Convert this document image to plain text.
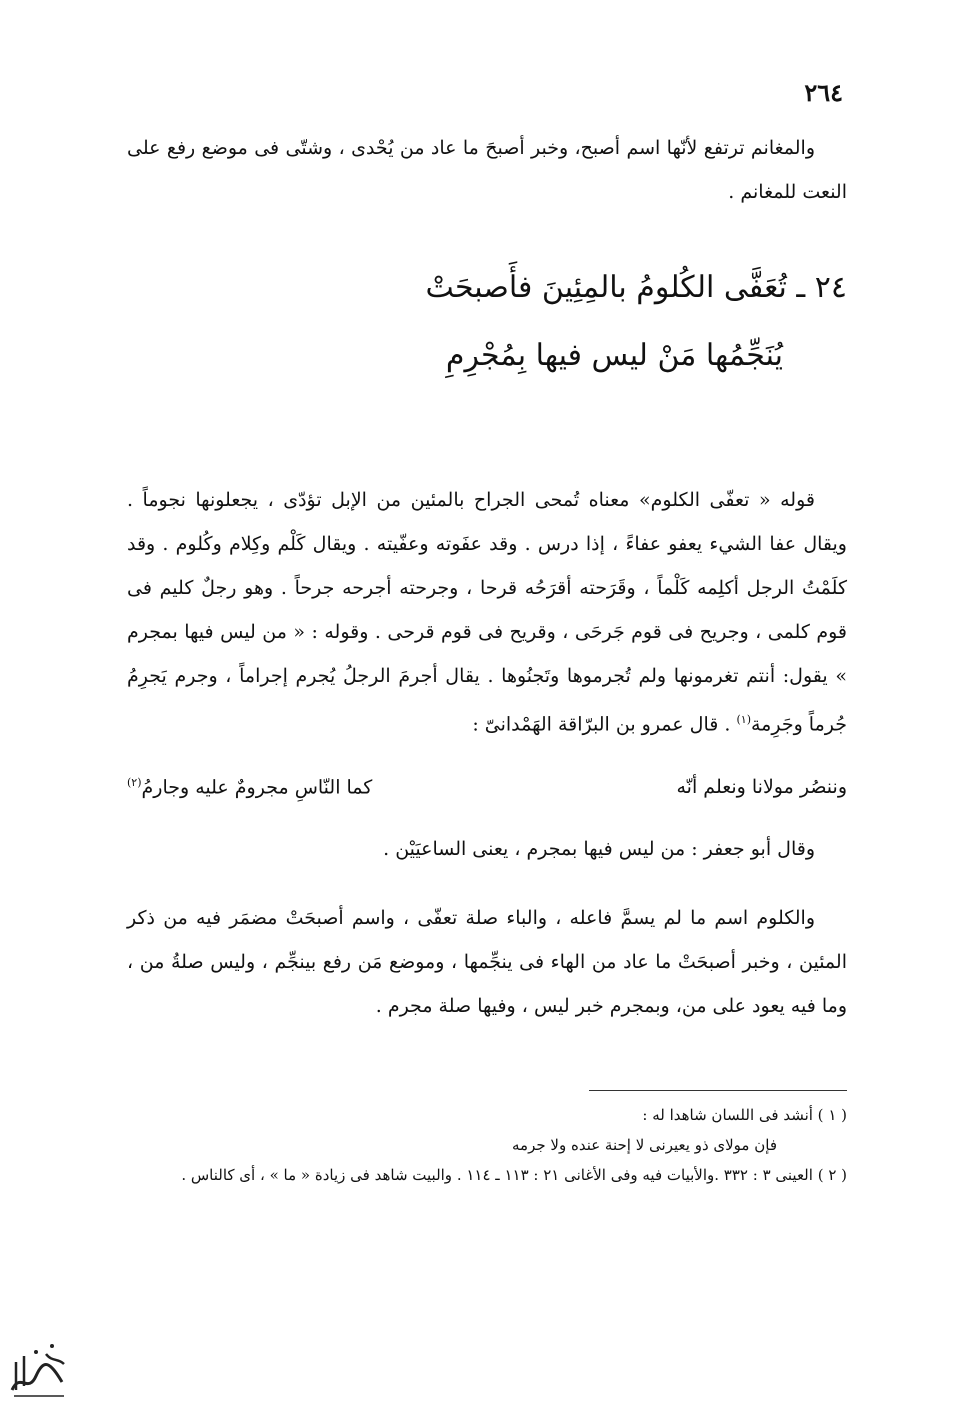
٢٦٤

والمغانم ترتفع لأنّها اسم أصبح، وخبر أصبحَ ما عاد من يُحْدى ، وشتّى فى موضع رفع على النعت للمغانم .

٢٤ ـ تُعَفَّى الكُلومُ بالمِئِينَ فأَصبحَتْ
يُنَجِّمُها مَنْ ليس فيها بِمُجْرِمِ

قوله « تعفّى الكلوم» معناه تُمحى الجراح بالمئين من الإبل تؤدّى ، يجعلونها نجوماً . ويقال عفا الشيء يعفو عفاءً ، إذا درس . وقد عفَوته وعفّيته . ويقال كَلْم وكِلام وكُلوم . وقد كلَمْتُ الرجل أكلِمه كَلْماً ، وقَرَحته أقرَحُه قرحا ، وجرحته أجرحه جرحاً . وهو رجلٌ كليم فى قوم كلمى ، وجريح فى قوم جَرحَى ، وقريح فى قوم قرحى . وقوله : « من ليس فيها بمجرم » يقول: أنتم تغرمونها ولم تُجرموها وتَجنُوها . يقال أجرمَ الرجلُ يُجرم إجراماً ، وجرم يَجرِمُ جُرماً وجَرِمة$^{(١)}$ . قال عمرو بن البرّاقة الهَمْدانىّ :

وننصُر مولانا ونعلم أنّه
كما النّاسِ مجرومٌ عليه وجارمُ$^{(٢)}$
وقال أبو جعفر : من ليس فيها بمجرم ، يعنى الساعيَيْن .

والكلوم اسم ما لم يسمَّ فاعله ، والباء صلة تعفّى ، واسم أصبحَتْ مضمَر فيه من ذكر المئين ، وخبر أصبحَتْ ما عاد من الهاء فى ينجِّمها ، وموضع مَن رفع بينجِّم ، وليس صلةُ من ، وما فيه يعود على من، وبمجرم خبر ليس ، وفيها صلة مجرم .

( ١ ) أنشد فى اللسان شاهدا له :
فإن مولاى ذو يعيرنى لا إحنة عنده ولا جرمه
( ٢ ) العينى ٣ : ٣٣٢ .والأبيات فيه وفى الأغانى ٢١ : ١١٣ ـ ١١٤ . والبيت شاهد فى زيادة « ما » ، أى كالناس .
